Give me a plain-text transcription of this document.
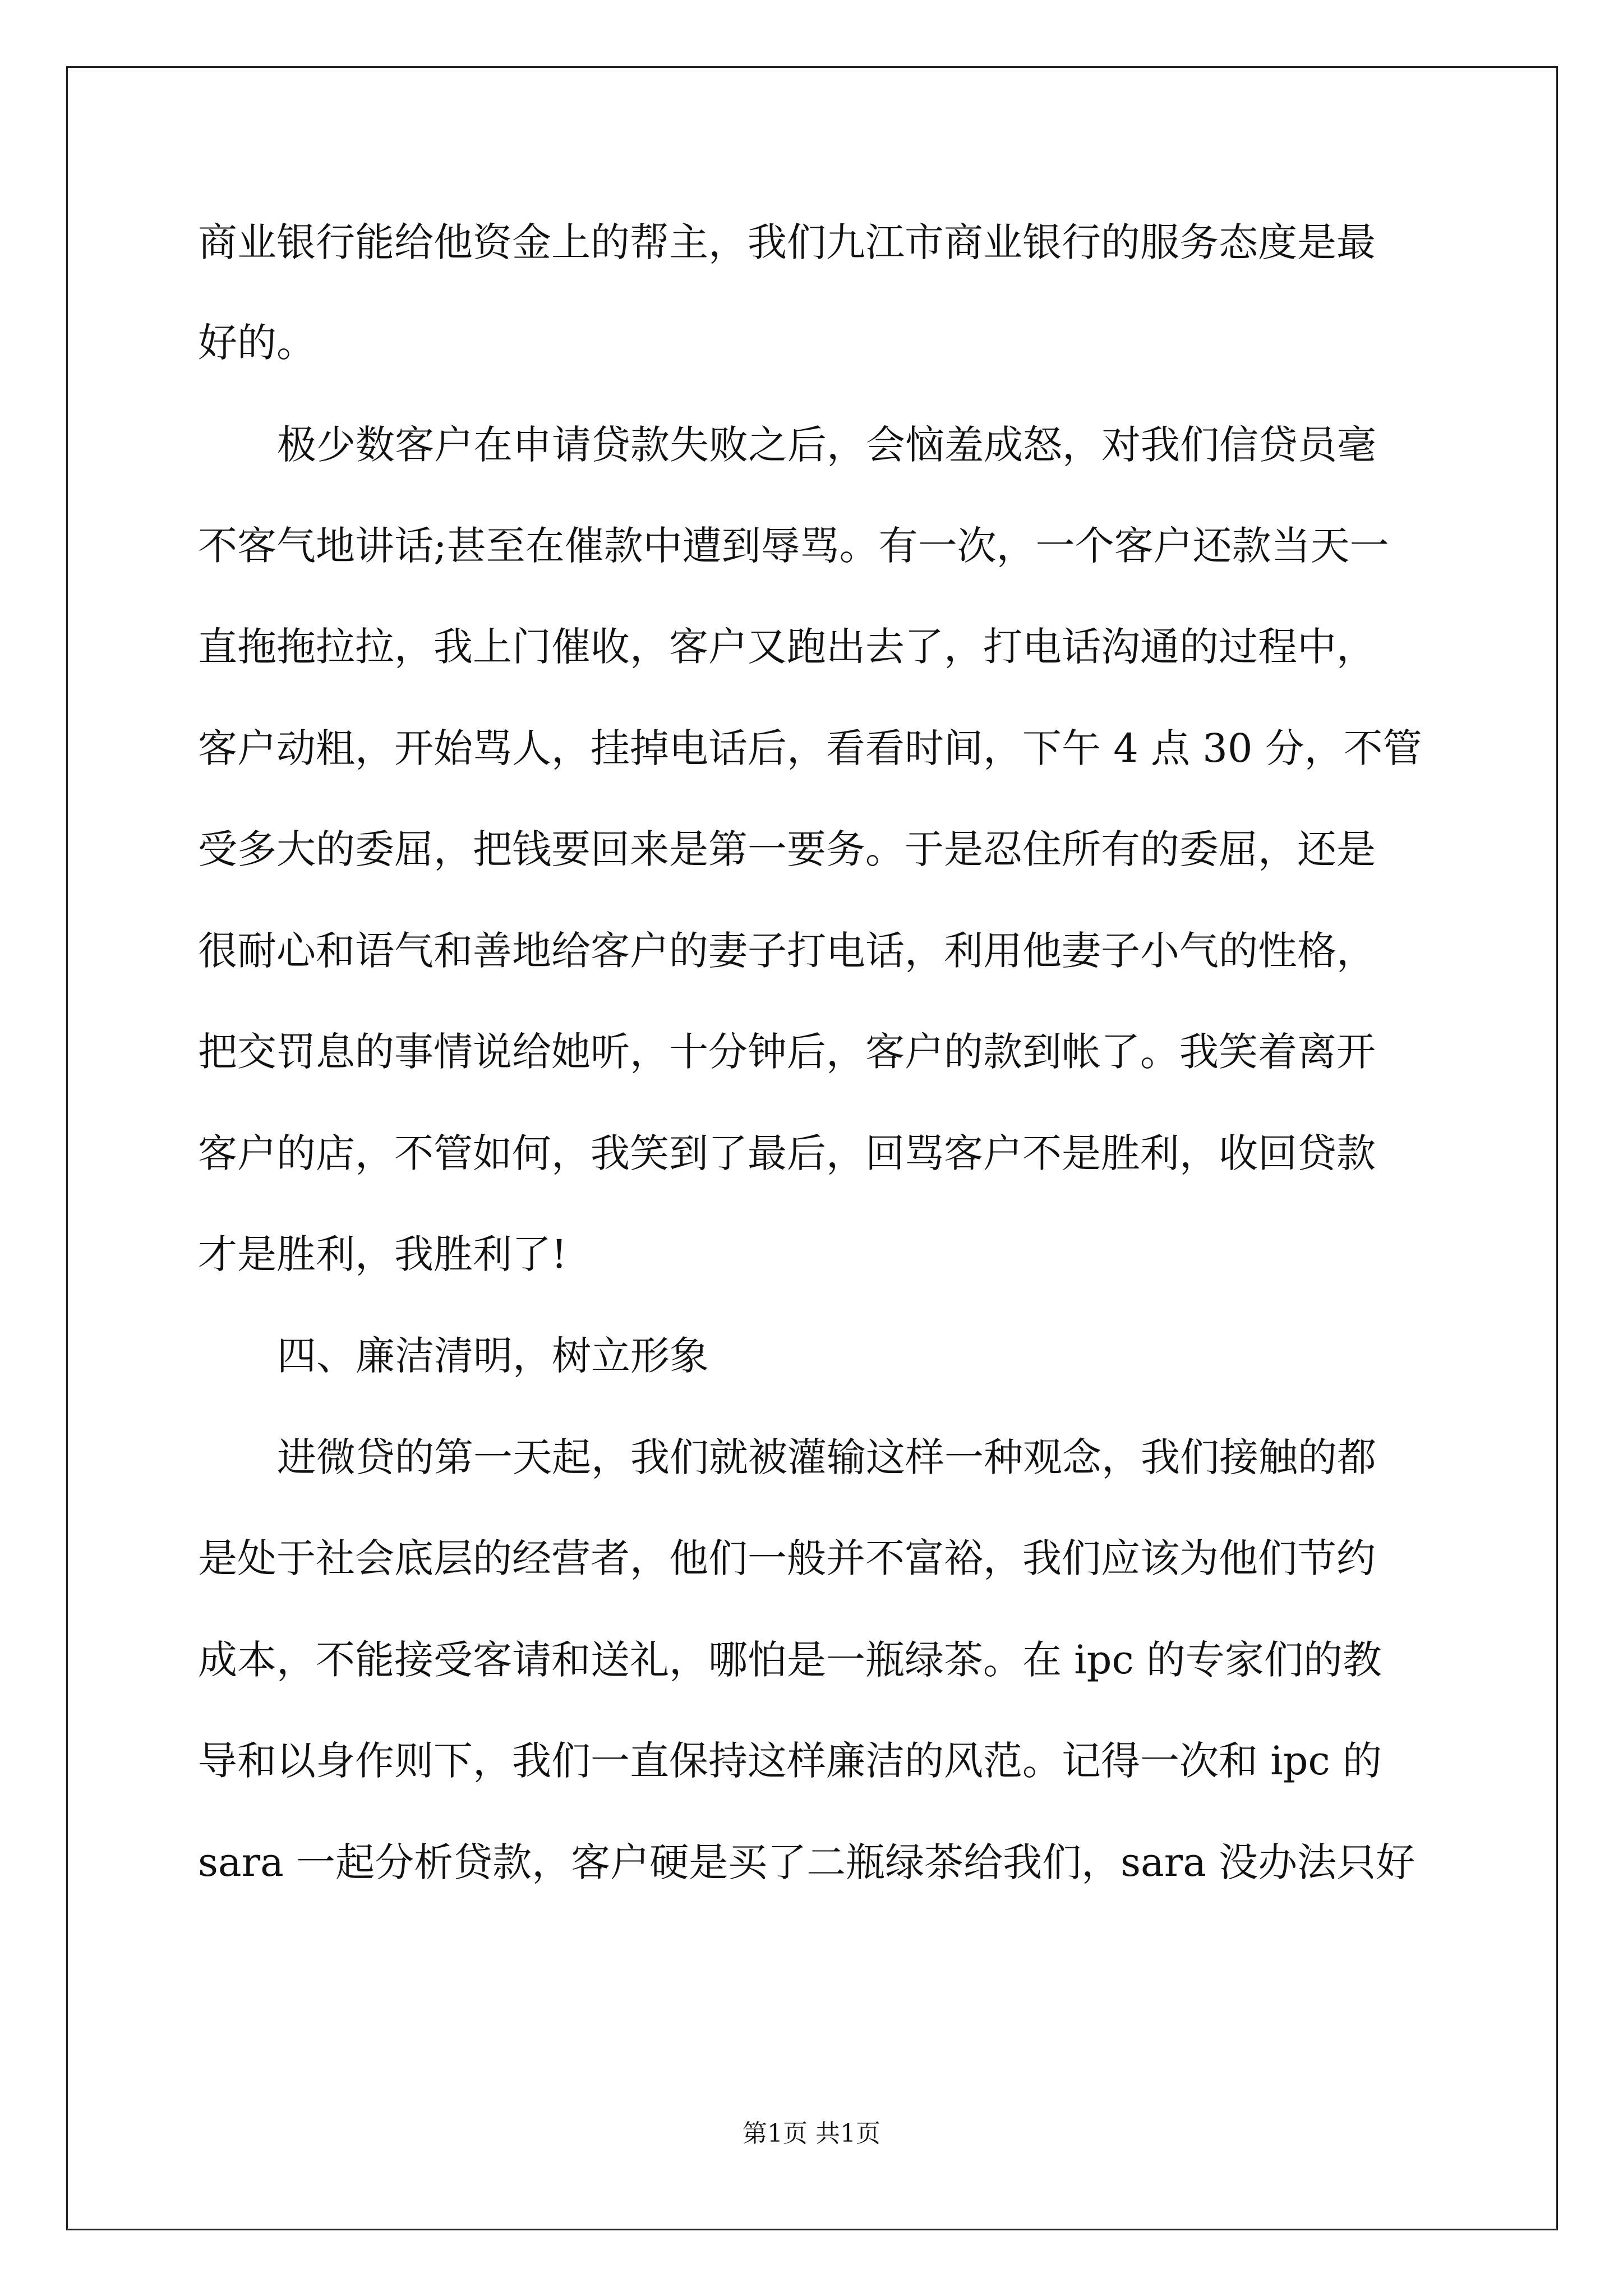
商业银行能给他资金上的帮主，我们九江市商业银行的服务态度是最
好的。
极少数客户在申请贷款失败之后，会恼羞成怒，对我们信贷员毫
不客气地讲话;甚至在催款中遭到辱骂。有一次，一个客户还款当天一
直拖拖拉拉，我上门催收，客户又跑出去了，打电话沟通的过程中，
客户动粗，开始骂人，挂掉电话后，看看时间，下午 4 点 30 分，不管
受多大的委屈，把钱要回来是第一要务。于是忍住所有的委屈，还是
很耐心和语气和善地给客户的妻子打电话，利用他妻子小气的性格，
把交罚息的事情说给她听，十分钟后，客户的款到帐了。我笑着离开
客户的店，不管如何，我笑到了最后，回骂客户不是胜利，收回贷款
才是胜利，我胜利了!
四、廉洁清明，树立形象
进微贷的第一天起，我们就被灌输这样一种观念，我们接触的都
是处于社会底层的经营者，他们一般并不富裕，我们应该为他们节约
成本，不能接受客请和送礼，哪怕是一瓶绿茶。在 ipc 的专家们的教
导和以身作则下，我们一直保持这样廉洁的风范。记得一次和 ipc 的
sara 一起分析贷款，客户硬是买了二瓶绿茶给我们，sara 没办法只好
第1页 共1页
